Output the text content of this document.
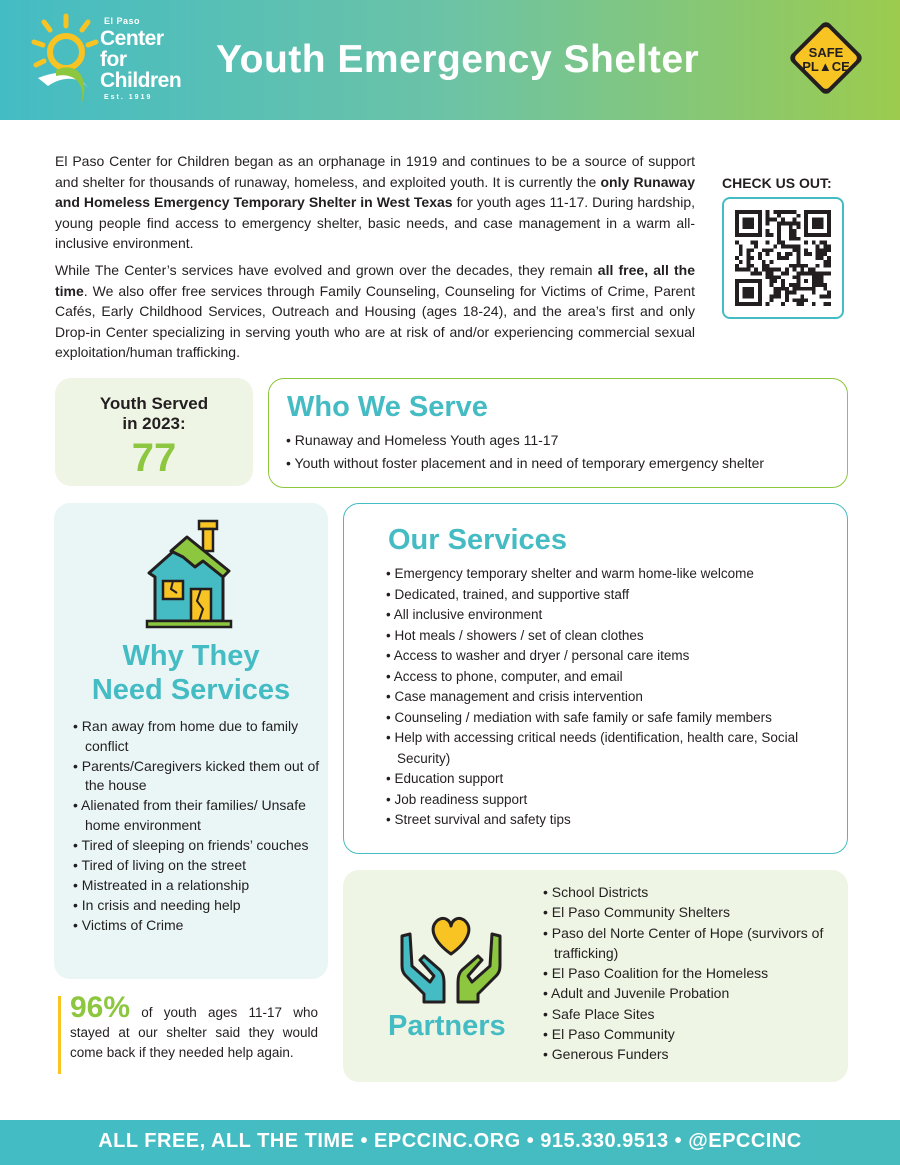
El Paso
Center
for
Children
Est. 1919
Youth Emergency Shelter	SAFE
PL▲CE

El Paso Center for Children began as an orphanage in 1919 and continues to be a source of support and shelter for thousands of runaway, homeless, and exploited youth. It is currently the only Runaway and Homeless Emergency Temporary Shelter in West Texas for youth ages 11-17. During hardship, young people find access to emergency shelter, basic needs, and case management in a warm all-inclusive environment.

While The Center’s services have evolved and grown over the decades, they remain all free, all the time. We also offer free services through Family Counseling, Counseling for Victims of Crime, Parent Cafés, Early Childhood Services, Outreach and Housing (ages 18-24), and the area’s first and only Drop-in Center specializing in serving youth who are at risk of and/or experiencing commercial sexual exploitation/human trafficking.

CHECK US OUT:
Youth Served
in 2023:
77
Who We Serve
• Runaway and Homeless Youth ages 11-17
• Youth without foster placement and in need of temporary emergency shelter
Why They
Need Services
• Ran away from home due to family conflict
• Parents/Caregivers kicked them out of the house
• Alienated from their families/ Unsafe home environment
• Tired of sleeping on friends’ couches
• Tired of living on the street
• Mistreated in a relationship
• In crisis and needing help
• Victims of Crime
96% of youth ages 11-17 who stayed at our shelter said they would come back if they needed help again.
Our Services
• Emergency temporary shelter and warm home-like welcome
• Dedicated, trained, and supportive staff
• All inclusive environment
• Hot meals / showers / set of clean clothes
• Access to washer and dryer / personal care items
• Access to phone, computer, and email
• Case management and crisis intervention
• Counseling / mediation with safe family or safe family members
• Help with accessing critical needs (identification, health care, Social Security)
• Education support
• Job readiness support
• Street survival and safety tips
Partners
• School Districts
• El Paso Community Shelters
• Paso del Norte Center of Hope (survivors of trafficking)
• El Paso Coalition for the Homeless
• Adult and Juvenile Probation
• Safe Place Sites
• El Paso Community
• Generous Funders
ALL FREE, ALL THE TIME • EPCCINC.ORG • 915.330.9513 • @EPCCINC
